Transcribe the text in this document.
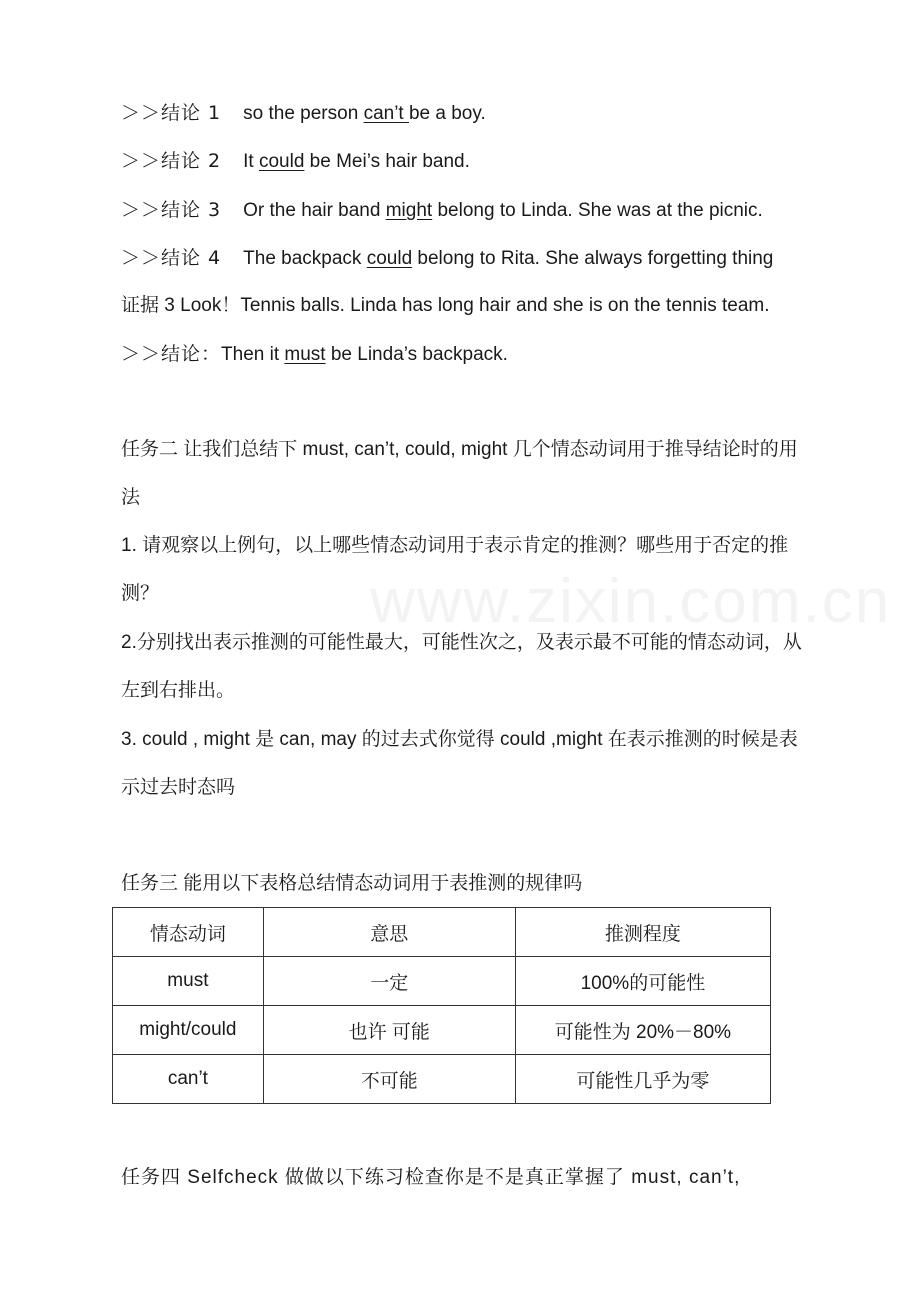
www.zixin.com.cn
＞＞结论 1 so the person can’t be a boy.
＞＞结论 2 It could be Mei’s hair band.
＞＞结论 3 Or the hair band might belong to Linda. She was at the picnic.
＞＞结论 4 The backpack could belong to Rita. She always forgetting thing
证据 3 Look！Tennis balls. Linda has long hair and she is on the tennis team.
＞＞结论：Then it must be Linda’s backpack.
任务二 让我们总结下 must, can’t, could, might 几个情态动词用于推导结论时的用法
1. 请观察以上例句，以上哪些情态动词用于表示肯定的推测？哪些用于否定的推测？
2.分别找出表示推测的可能性最大，可能性次之，及表示最不可能的情态动词，从左到右排出。
3. could , might 是 can, may 的过去式你觉得 could ,might 在表示推测的时候是表示过去时态吗
任务三 能用以下表格总结情态动词用于表推测的规律吗
情态动词	意思	推测程度
must	一定	100%的可能性
might/could	也许 可能	可能性为 20%－80%
can’t	不可能	可能性几乎为零
任务四 Selfcheck 做做以下练习检查你是不是真正掌握了 must, can’t,
